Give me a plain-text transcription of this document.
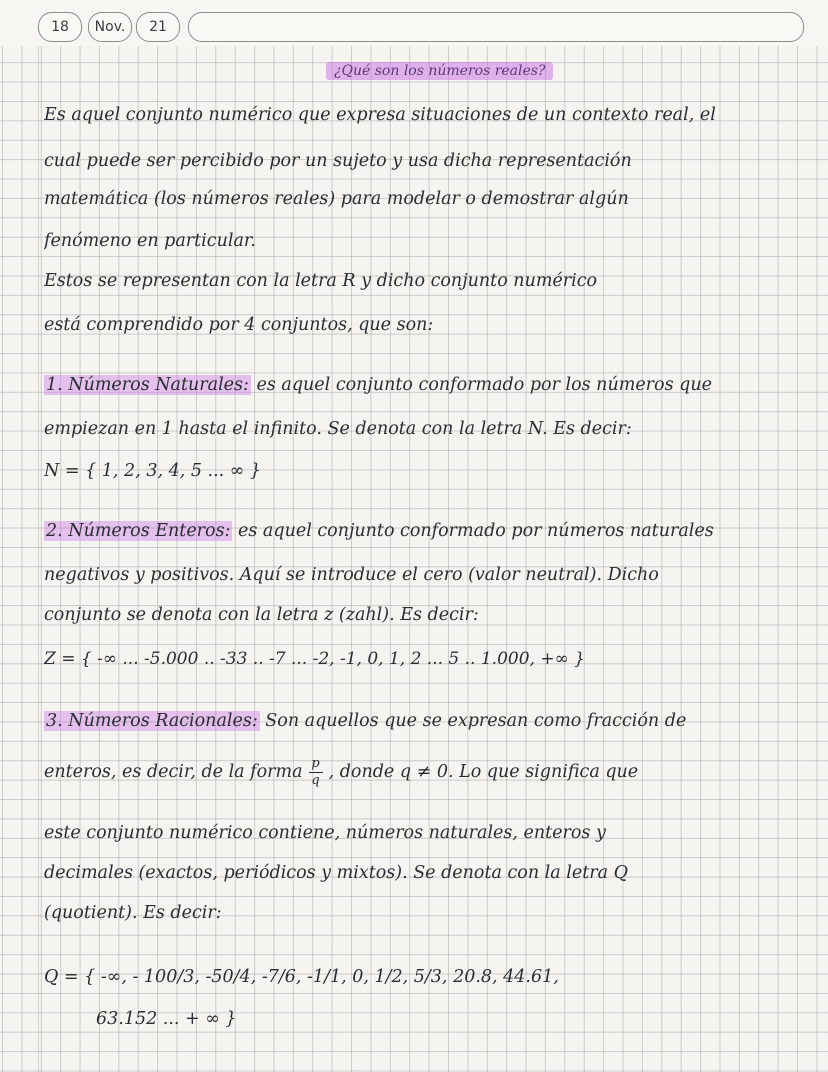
18 Nov. 21
¿Qué son los números reales?
Es aquel conjunto numérico que expresa situaciones de un contexto real, el
cual puede ser percibido por un sujeto y usa dicha representación
matemática (los números reales) para modelar o demostrar algún
fenómeno en particular.
Estos se representan con la letra R y dicho conjunto numérico
está comprendido por 4 conjuntos, que son:
1. Números Naturales: es aquel conjunto conformado por los números que
empiezan en 1 hasta el infinito. Se denota con la letra N. Es decir:
N = { 1, 2, 3, 4, 5 ... ∞ }
2. Números Enteros: es aquel conjunto conformado por números naturales
negativos y positivos. Aquí se introduce el cero (valor neutral). Dicho
conjunto se denota con la letra z (zahl). Es decir:
Z = { -∞ ... -5.000 .. -33 .. -7 ... -2, -1, 0, 1, 2 ... 5 .. 1.000, +∞ }
3. Números Racionales: Son aquellos que se expresan como fracción de
enteros, es decir, de la forma $\frac{p}{q}$ , donde q ≠ 0. Lo que significa que
este conjunto numérico contiene, números naturales, enteros y
decimales (exactos, periódicos y mixtos). Se denota con la letra Q
(quotient). Es decir:
Q = { -∞, - 100/3, -50/4, -7/6, -1/1, 0, 1/2, 5/3, 20.8, 44.61,
63.152 ... + ∞ }
